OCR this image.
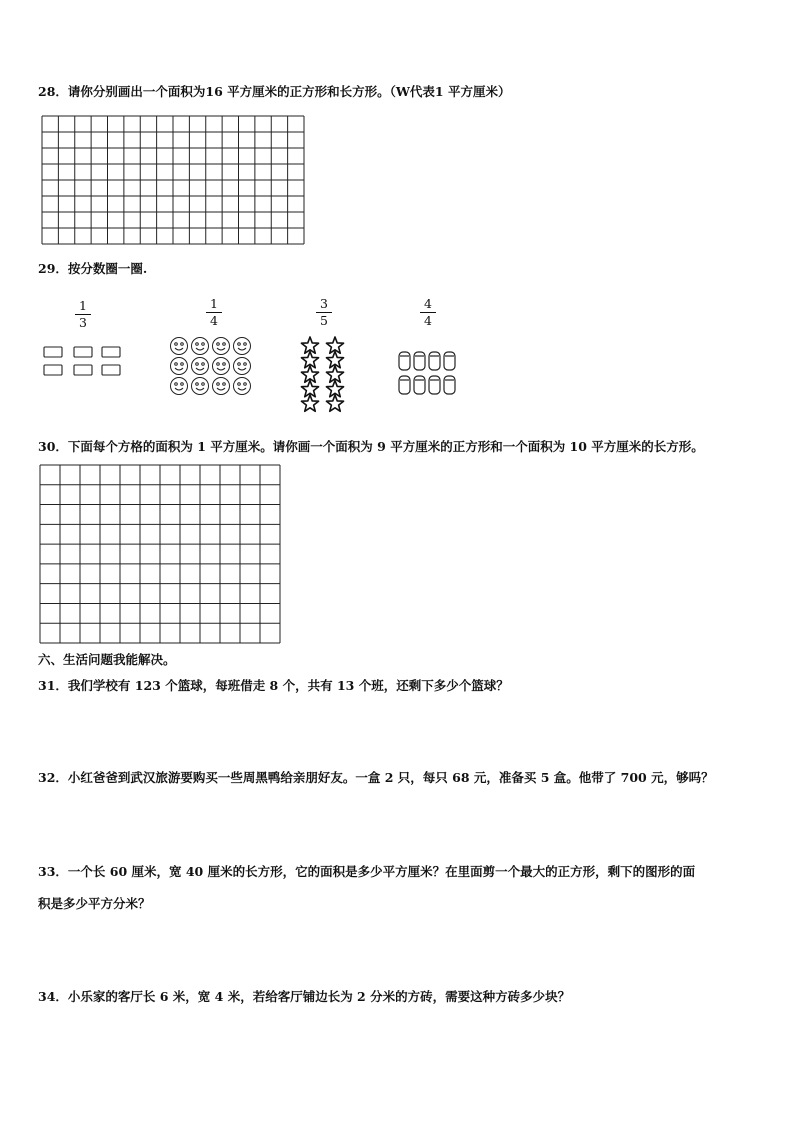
28．请你分别画出一个面积为16 平方厘米的正方形和长方形。（W代表1 平方厘米）
29．按分数圈一圈.
1
3
1
4
3
5
4
4
30．下面每个方格的面积为 1 平方厘米。请你画一个面积为 9 平方厘米的正方形和一个面积为 10 平方厘米的长方形。
六、生活问题我能解决。
31．我们学校有 123 个篮球，每班借走 8 个，共有 13 个班，还剩下多少个篮球？
32．小红爸爸到武汉旅游要购买一些周黑鸭给亲朋好友。一盒 2 只，每只 68 元，准备买 5 盒。他带了 700 元，够吗？
33．一个长 60 厘米，宽 40 厘米的长方形，它的面积是多少平方厘米？在里面剪一个最大的正方形，剩下的图形的面
积是多少平方分米？
34．小乐家的客厅长 6 米，宽 4 米，若给客厅铺边长为 2 分米的方砖，需要这种方砖多少块？
